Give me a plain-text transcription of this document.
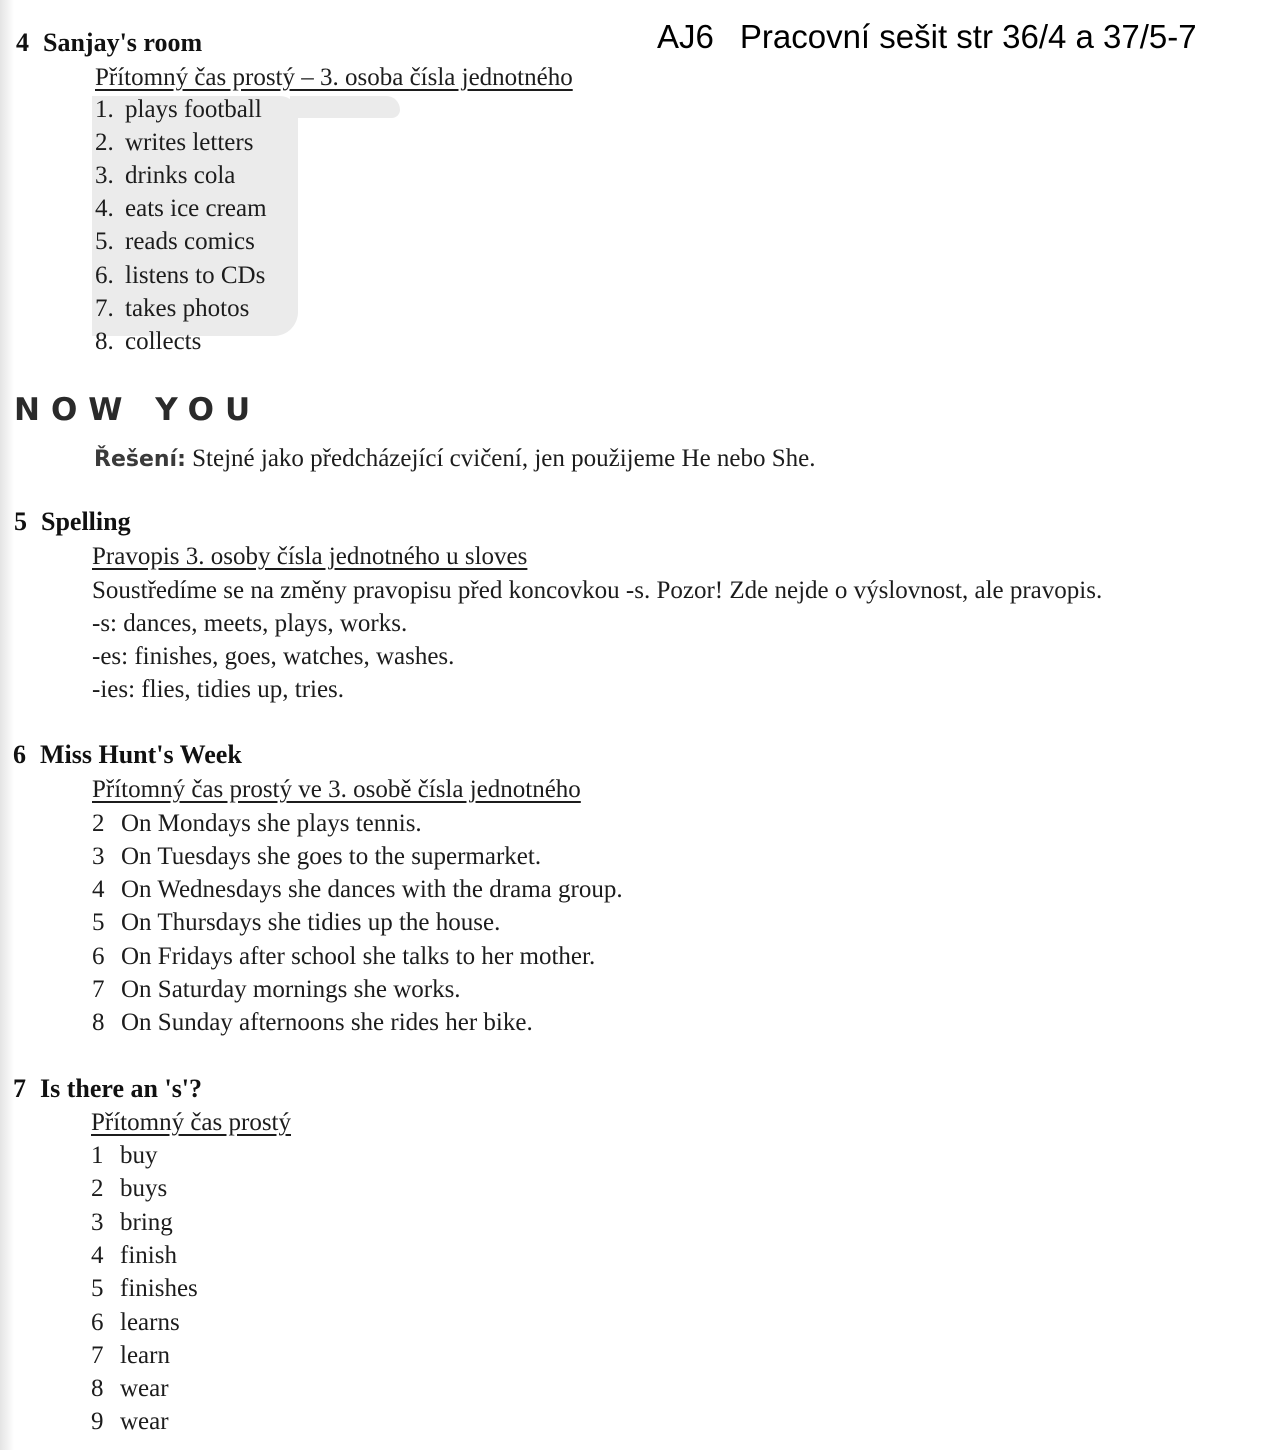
AJ6 Pracovní sešit str 36/4 a 37/5-7
4 Sanjay's room
Přítomný čas prostý – 3. osoba čísla jednotného
1. plays football
2. writes letters
3. drinks cola
4. eats ice cream
5. reads comics
6. listens to CDs
7. takes photos
8. collects
NOW YOU
Řešení: Stejné jako předcházející cvičení, jen použijeme He nebo She.
5 Spelling
Pravopis 3. osoby čísla jednotného u sloves
Soustředíme se na změny pravopisu před koncovkou -s. Pozor! Zde nejde o výslovnost, ale pravopis.
-s: dances, meets, plays, works.
-es: finishes, goes, watches, washes.
-ies: flies, tidies up, tries.
6 Miss Hunt's Week
Přítomný čas prostý ve 3. osobě čísla jednotného
2 On Mondays she plays tennis.
3 On Tuesdays she goes to the supermarket.
4 On Wednesdays she dances with the drama group.
5 On Thursdays she tidies up the house.
6 On Fridays after school she talks to her mother.
7 On Saturday mornings she works.
8 On Sunday afternoons she rides her bike.
7 Is there an 's'?
Přítomný čas prostý
1 buy
2 buys
3 bring
4 finish
5 finishes
6 learns
7 learn
8 wear
9 wear
